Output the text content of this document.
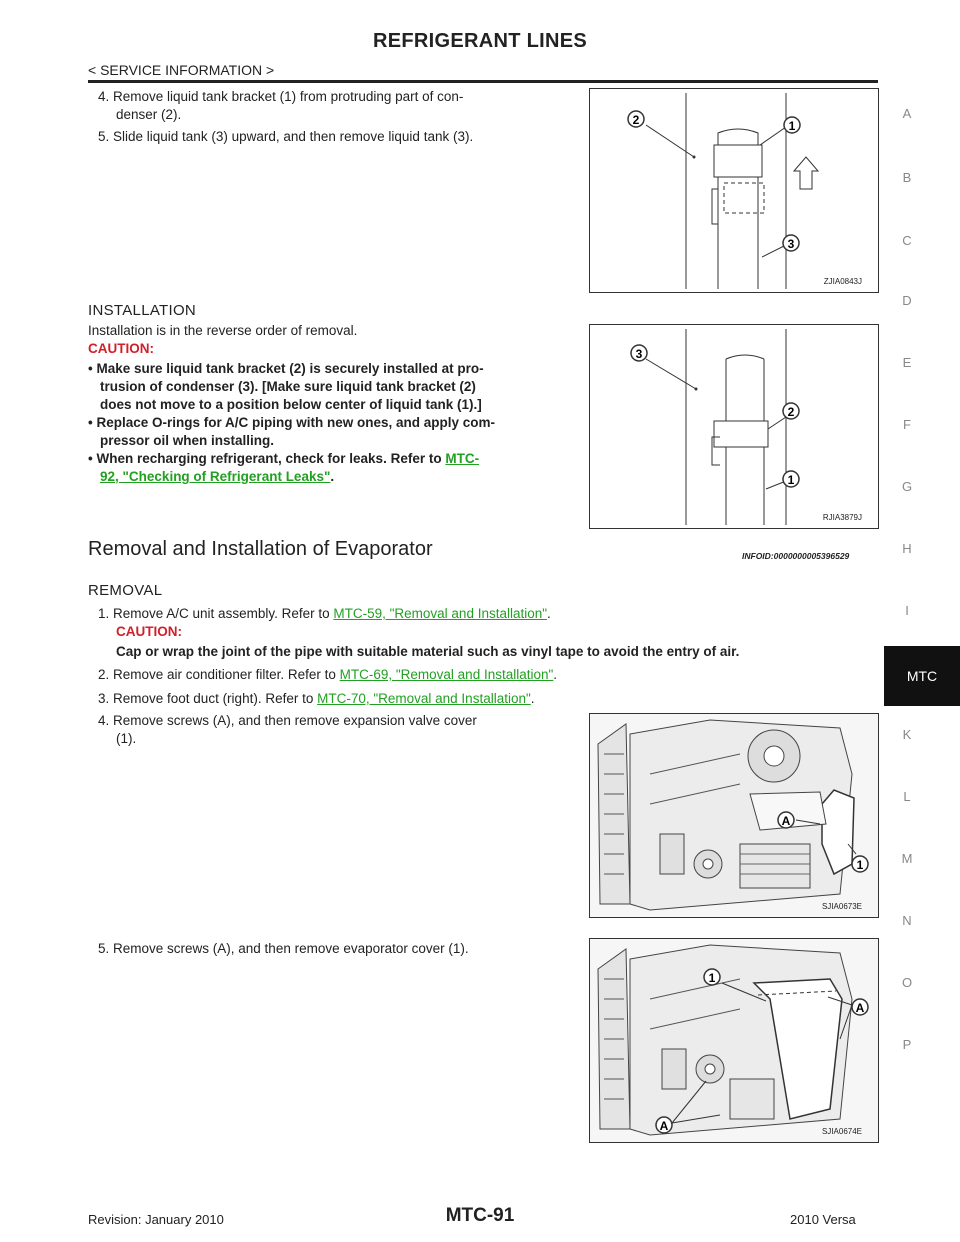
REFRIGERANT LINES
< SERVICE INFORMATION >
4. Remove liquid tank bracket (1) from protruding part of con-
denser (2).
5. Slide liquid tank (3) upward, and then remove liquid tank (3).
2	1
3
ZJIA0843J
INSTALLATION
Installation is in the reverse order of removal.
CAUTION:
• Make sure liquid tank bracket (2) is securely installed at pro-
trusion of condenser (3). [Make sure liquid tank bracket (2)
does not move to a position below center of liquid tank (1).]
• Replace O-rings for A/C piping with new ones, and apply com-
pressor oil when installing.
• When recharging refrigerant, check for leaks. Refer to MTC-
92, "Checking of Refrigerant Leaks".
3
2
1
RJIA3879J
Removal and Installation of Evaporator	INFOID:0000000005396529
REMOVAL
1. Remove A/C unit assembly. Refer to MTC-59, "Removal and Installation".
CAUTION:
Cap or wrap the joint of the pipe with suitable material such as vinyl tape to avoid the entry of air.
2. Remove air conditioner filter. Refer to MTC-69, "Removal and Installation".
3. Remove foot duct (right). Refer to MTC-70, "Removal and Installation".
4. Remove screws (A), and then remove expansion valve cover
(1).
A
1
SJIA0673E
5. Remove screws (A), and then remove evaporator cover (1).
1
A
A	SJIA0674E
A
B
C
D
E
F
G
H
I
MTC
K
L
M
N
O
P
MTC-91
Revision: January 2010	2010 Versa
